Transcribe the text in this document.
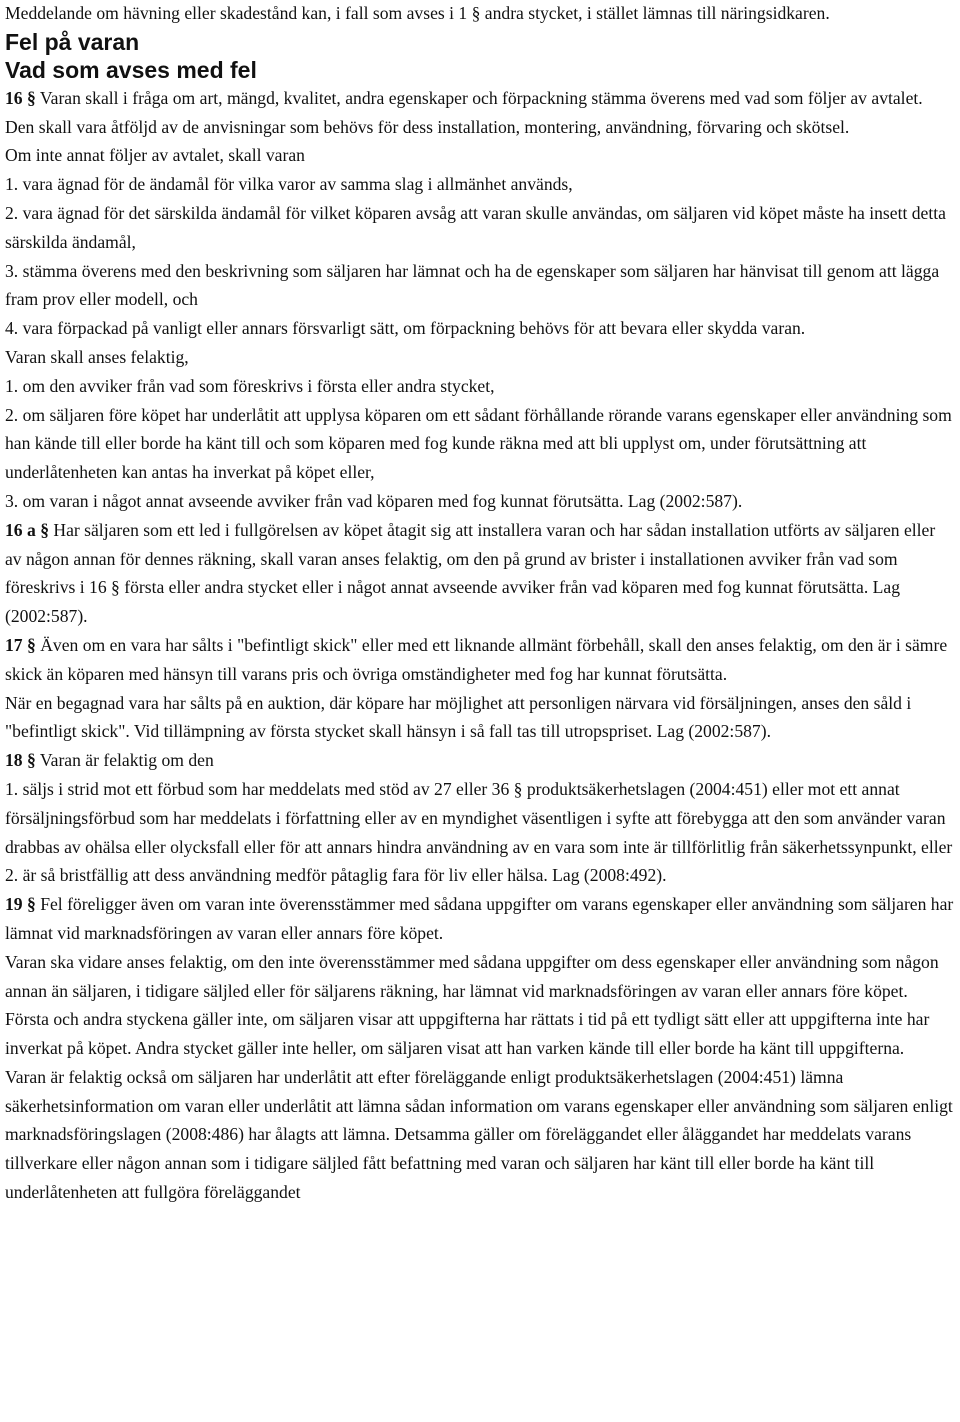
Meddelande om hävning eller skadestånd kan, i fall som avses i 1 § andra stycket, i stället lämnas till näringsidkaren.

Fel på varan

Vad som avses med fel

16 § Varan skall i fråga om art, mängd, kvalitet, andra egenskaper och förpackning stämma överens med vad som följer av avtalet. Den skall vara åtföljd av de anvisningar som behövs för dess installation, montering, användning, förvaring och skötsel.

Om inte annat följer av avtalet, skall varan

1. vara ägnad för de ändamål för vilka varor av samma slag i allmänhet används,

2. vara ägnad för det särskilda ändamål för vilket köparen avsåg att varan skulle användas, om säljaren vid köpet måste ha insett detta särskilda ändamål,

3. stämma överens med den beskrivning som säljaren har lämnat och ha de egenskaper som säljaren har hänvisat till genom att lägga fram prov eller modell, och

4. vara förpackad på vanligt eller annars försvarligt sätt, om förpackning behövs för att bevara eller skydda varan.

Varan skall anses felaktig,

1. om den avviker från vad som föreskrivs i första eller andra stycket,

2. om säljaren före köpet har underlåtit att upplysa köparen om ett sådant förhållande rörande varans egenskaper eller användning som han kände till eller borde ha känt till och som köparen med fog kunde räkna med att bli upplyst om, under förutsättning att underlåtenheten kan antas ha inverkat på köpet eller,

3. om varan i något annat avseende avviker från vad köparen med fog kunnat förutsätta. Lag (2002:587).

16 a § Har säljaren som ett led i fullgörelsen av köpet åtagit sig att installera varan och har sådan installation utförts av säljaren eller av någon annan för dennes räkning, skall varan anses felaktig, om den på grund av brister i installationen avviker från vad som föreskrivs i 16 § första eller andra stycket eller i något annat avseende avviker från vad köparen med fog kunnat förutsätta. Lag (2002:587).

17 § Även om en vara har sålts i "befintligt skick" eller med ett liknande allmänt förbehåll, skall den anses felaktig, om den är i sämre skick än köparen med hänsyn till varans pris och övriga omständigheter med fog har kunnat förutsätta.

När en begagnad vara har sålts på en auktion, där köpare har möjlighet att personligen närvara vid försäljningen, anses den såld i "befintligt skick". Vid tillämpning av första stycket skall hänsyn i så fall tas till utropspriset. Lag (2002:587).

18 § Varan är felaktig om den

1. säljs i strid mot ett förbud som har meddelats med stöd av 27 eller 36 § produktsäkerhetslagen (2004:451) eller mot ett annat försäljningsförbud som har meddelats i författning eller av en myndighet väsentligen i syfte att förebygga att den som använder varan drabbas av ohälsa eller olycksfall eller för att annars hindra användning av en vara som inte är tillförlitlig från säkerhetssynpunkt, eller

2. är så bristfällig att dess användning medför påtaglig fara för liv eller hälsa. Lag (2008:492).

19 § Fel föreligger även om varan inte överensstämmer med sådana uppgifter om varans egenskaper eller användning som säljaren har lämnat vid marknadsföringen av varan eller annars före köpet.

Varan ska vidare anses felaktig, om den inte överensstämmer med sådana uppgifter om dess egenskaper eller användning som någon annan än säljaren, i tidigare säljled eller för säljarens räkning, har lämnat vid marknadsföringen av varan eller annars före köpet.

Första och andra styckena gäller inte, om säljaren visar att uppgifterna har rättats i tid på ett tydligt sätt eller att uppgifterna inte har inverkat på köpet. Andra stycket gäller inte heller, om säljaren visat att han varken kände till eller borde ha känt till uppgifterna.

Varan är felaktig också om säljaren har underlåtit att efter föreläggande enligt produktsäkerhetslagen (2004:451) lämna säkerhetsinformation om varan eller underlåtit att lämna sådan information om varans egenskaper eller användning som säljaren enligt marknadsföringslagen (2008:486) har ålagts att lämna. Detsamma gäller om föreläggandet eller åläggandet har meddelats varans tillverkare eller någon annan som i tidigare säljled fått befattning med varan och säljaren har känt till eller borde ha känt till underlåtenheten att fullgöra föreläggandet
